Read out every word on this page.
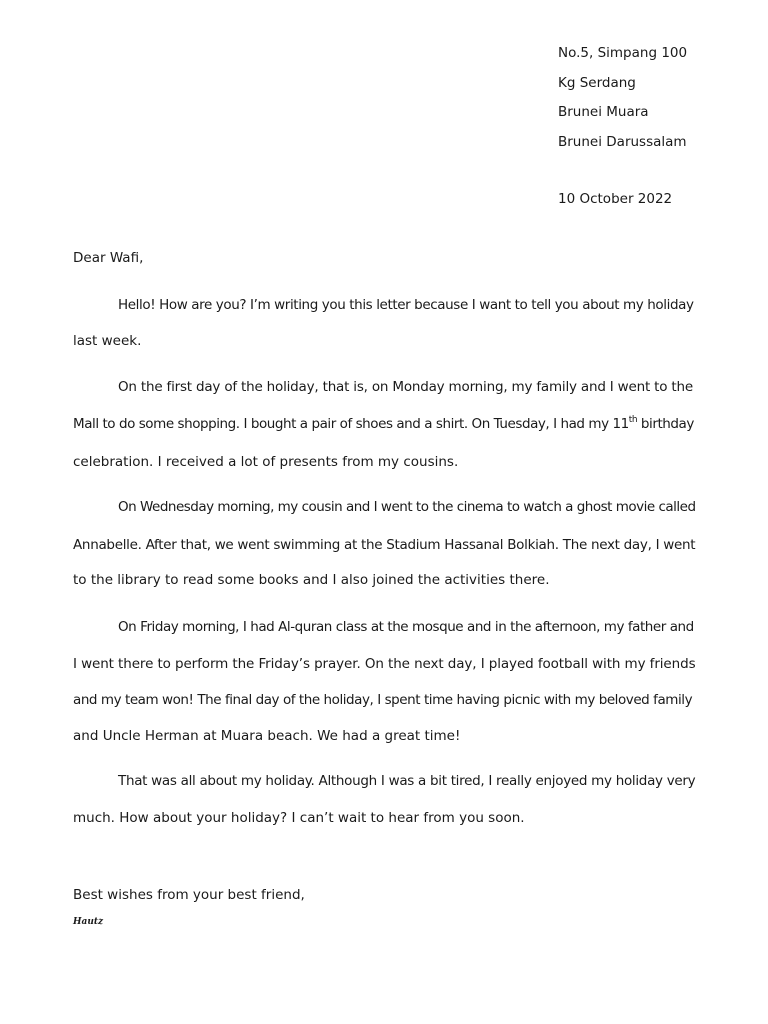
No.5, Simpang 100
Kg Serdang
Brunei Muara
Brunei Darussalam
10 October 2022
Dear Wafi,
Hello! How are you? I’m writing you this letter because I want to tell you about my holiday
last week.
On the first day of the holiday, that is, on Monday morning, my family and I went to the
Mall to do some shopping. I bought a pair of shoes and a shirt. On Tuesday, I had my 11th birthday
celebration. I received a lot of presents from my cousins.
On Wednesday morning, my cousin and I went to the cinema to watch a ghost movie called
Annabelle. After that, we went swimming at the Stadium Hassanal Bolkiah. The next day, I went
to the library to read some books and I also joined the activities there.
On Friday morning, I had Al-quran class at the mosque and in the afternoon, my father and
I went there to perform the Friday’s prayer. On the next day, I played football with my friends
and my team won! The final day of the holiday, I spent time having picnic with my beloved family
and Uncle Herman at Muara beach. We had a great time!
That was all about my holiday. Although I was a bit tired, I really enjoyed my holiday very
much. How about your holiday? I can’t wait to hear from you soon.
Best wishes from your best friend,
Hautz
